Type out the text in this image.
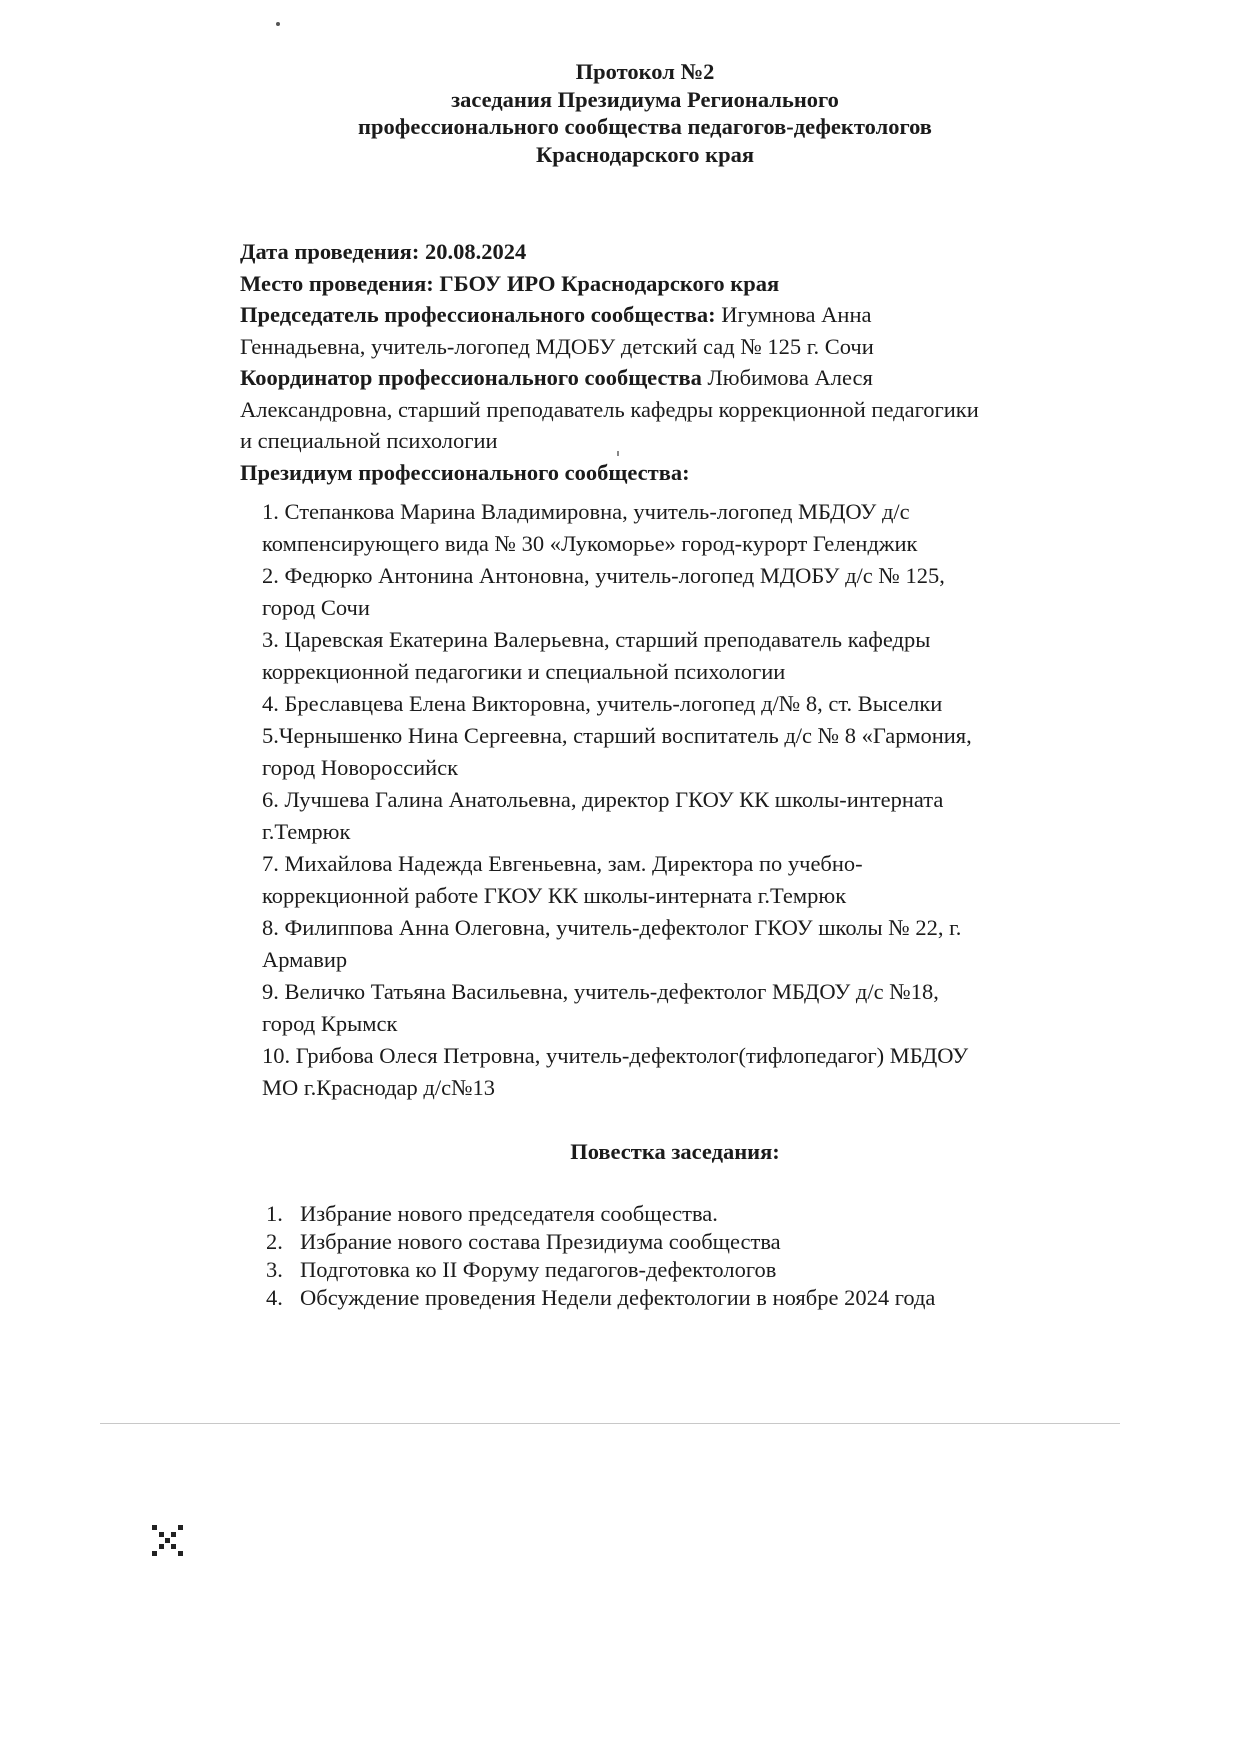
Протокол №2
заседания Президиума Регионального
профессионального сообщества педагогов-дефектологов
Краснодарского края
Дата проведения: 20.08.2024
Место проведения: ГБОУ ИРО Краснодарского края
Председатель профессионального сообщества: Игумнова Анна
Геннадьевна, учитель-логопед МДОБУ детский сад № 125 г. Сочи
Координатор профессионального сообщества Любимова Алеся
Александровна, старший преподаватель кафедры коррекционной педагогики
и специальной психологии
Президиум профессионального сообщества:
1. Степанкова Марина Владимировна, учитель-логопед МБДОУ д/с
компенсирующего вида № 30 «Лукоморье» город-курорт Геленджик
2. Федюрко Антонина Антоновна, учитель-логопед МДОБУ д/с № 125,
город Сочи
3. Царевская Екатерина Валерьевна, старший преподаватель кафедры
коррекционной педагогики и специальной психологии
4. Бреславцева Елена Викторовна, учитель-логопед д/№ 8, ст. Выселки
5.Чернышенко Нина Сергеевна, старший воспитатель д/с № 8 «Гармония,
город Новороссийск
6. Лучшева Галина Анатольевна, директор ГКОУ КК школы-интерната
г.Темрюк
7. Михайлова Надежда Евгеньевна, зам. Директора по учебно-
коррекционной работе ГКОУ КК школы-интерната г.Темрюк
8. Филиппова Анна Олеговна, учитель-дефектолог ГКОУ школы № 22, г.
Армавир
9. Величко Татьяна Васильевна, учитель-дефектолог МБДОУ д/с №18,
город Крымск
10. Грибова Олеся Петровна, учитель-дефектолог(тифлопедагог) МБДОУ
МО г.Краснодар д/с№13
Повестка заседания:
1. Избрание нового председателя сообщества.
2. Избрание нового состава Президиума сообщества
3. Подготовка ко II Форуму педагогов-дефектологов
4. Обсуждение проведения Недели дефектологии в ноябре 2024 года
